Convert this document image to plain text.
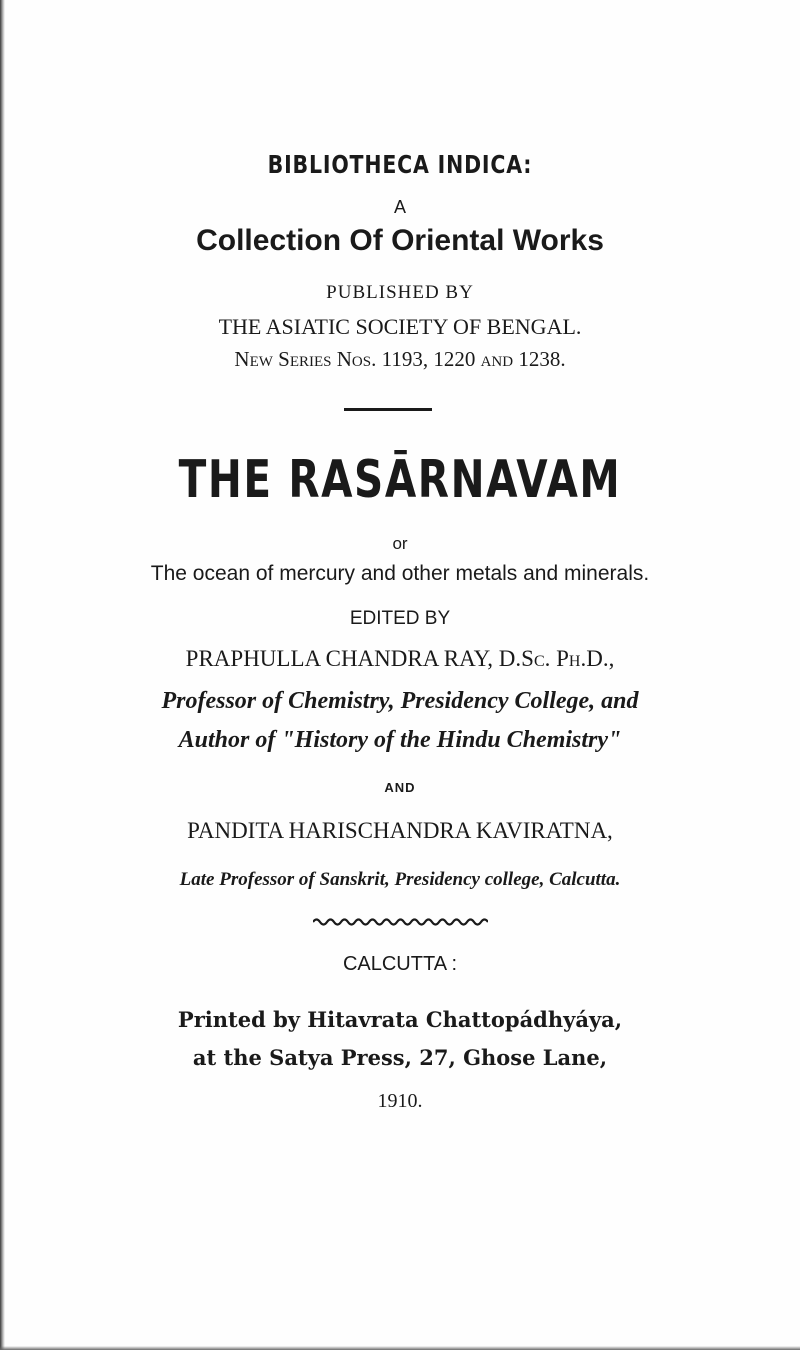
BIBLIOTHECA INDICA:
A
Collection Of Oriental Works
PUBLISHED BY
THE ASIATIC SOCIETY OF BENGAL.
New Series Nos. 1193, 1220 and 1238.
THE RASĀRNAVAM
or
The ocean of mercury and other metals and minerals.
EDITED BY
PRAPHULLA CHANDRA RAY, D.Sc. Ph.D.,
Professor of Chemistry, Presidency College, and
Author of "History of the Hindu Chemistry"
AND
PANDITA HARISCHANDRA KAVIRATNA,
Late Professor of Sanskrit, Presidency college, Calcutta.
CALCUTTA :
Printed by Hitavrata Chattopádhyáya,
at the Satya Press, 27, Ghose Lane,
1910.
